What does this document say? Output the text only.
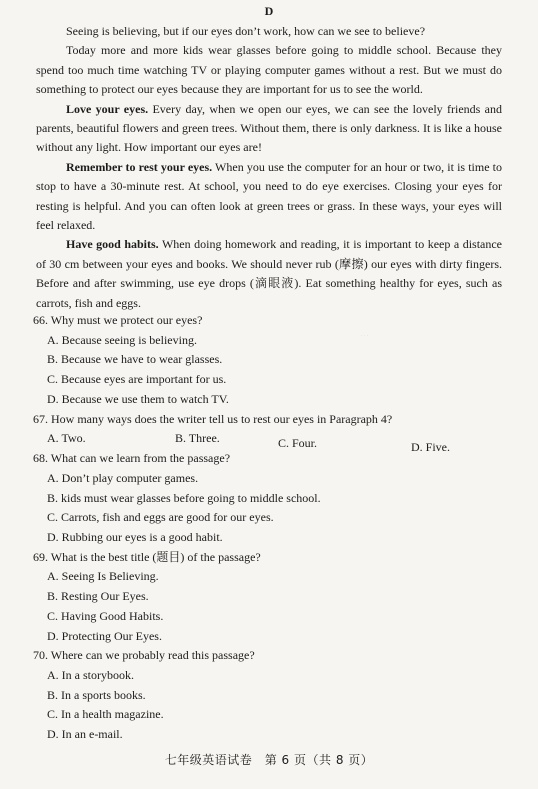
···
D

Seeing is believing, but if our eyes don’t work, how can we see to believe?

Today more and more kids wear glasses before going to middle school. Because they spend too much time watching TV or playing computer games without a rest. But we must do something to protect our eyes because they are important for us to see the world.

Love your eyes. Every day, when we open our eyes, we can see the lovely friends and parents, beautiful flowers and green trees. Without them, there is only darkness. It is like a house without any light. How important our eyes are!

Remember to rest your eyes. When you use the computer for an hour or two, it is time to stop to have a 30-minute rest. At school, you need to do eye exercises. Closing your eyes for resting is helpful. And you can often look at green trees or grass. In these ways, your eyes will feel relaxed.

Have good habits. When doing homework and reading, it is important to keep a distance of 30 cm between your eyes and books. We should never rub (摩擦) our eyes with dirty fingers. Before and after swimming, use eye drops (滴眼液). Eat something healthy for eyes, such as carrots, fish and eggs.

66. Why must we protect our eyes?

A. Because seeing is believing.

B. Because we have to wear glasses.

C. Because eyes are important for us.

D. Because we use them to watch TV.

67. How many ways does the writer tell us to rest our eyes in Paragraph 4?

A. Two.	B. Three.	C. Four.	D. Five.

68. What can we learn from the passage?

A. Don’t play computer games.

B. kids must wear glasses before going to middle school.

C. Carrots, fish and eggs are good for our eyes.

D. Rubbing our eyes is a good habit.

69. What is the best title (题目) of the passage?

A. Seeing Is Believing.

B. Resting Our Eyes.

C. Having Good Habits.

D. Protecting Our Eyes.

70. Where can we probably read this passage?

A. In a storybook.

B. In a sports books.

C. In a health magazine.

D. In an e-mail.

七年级英语试卷　第 6 页（共 8 页）
